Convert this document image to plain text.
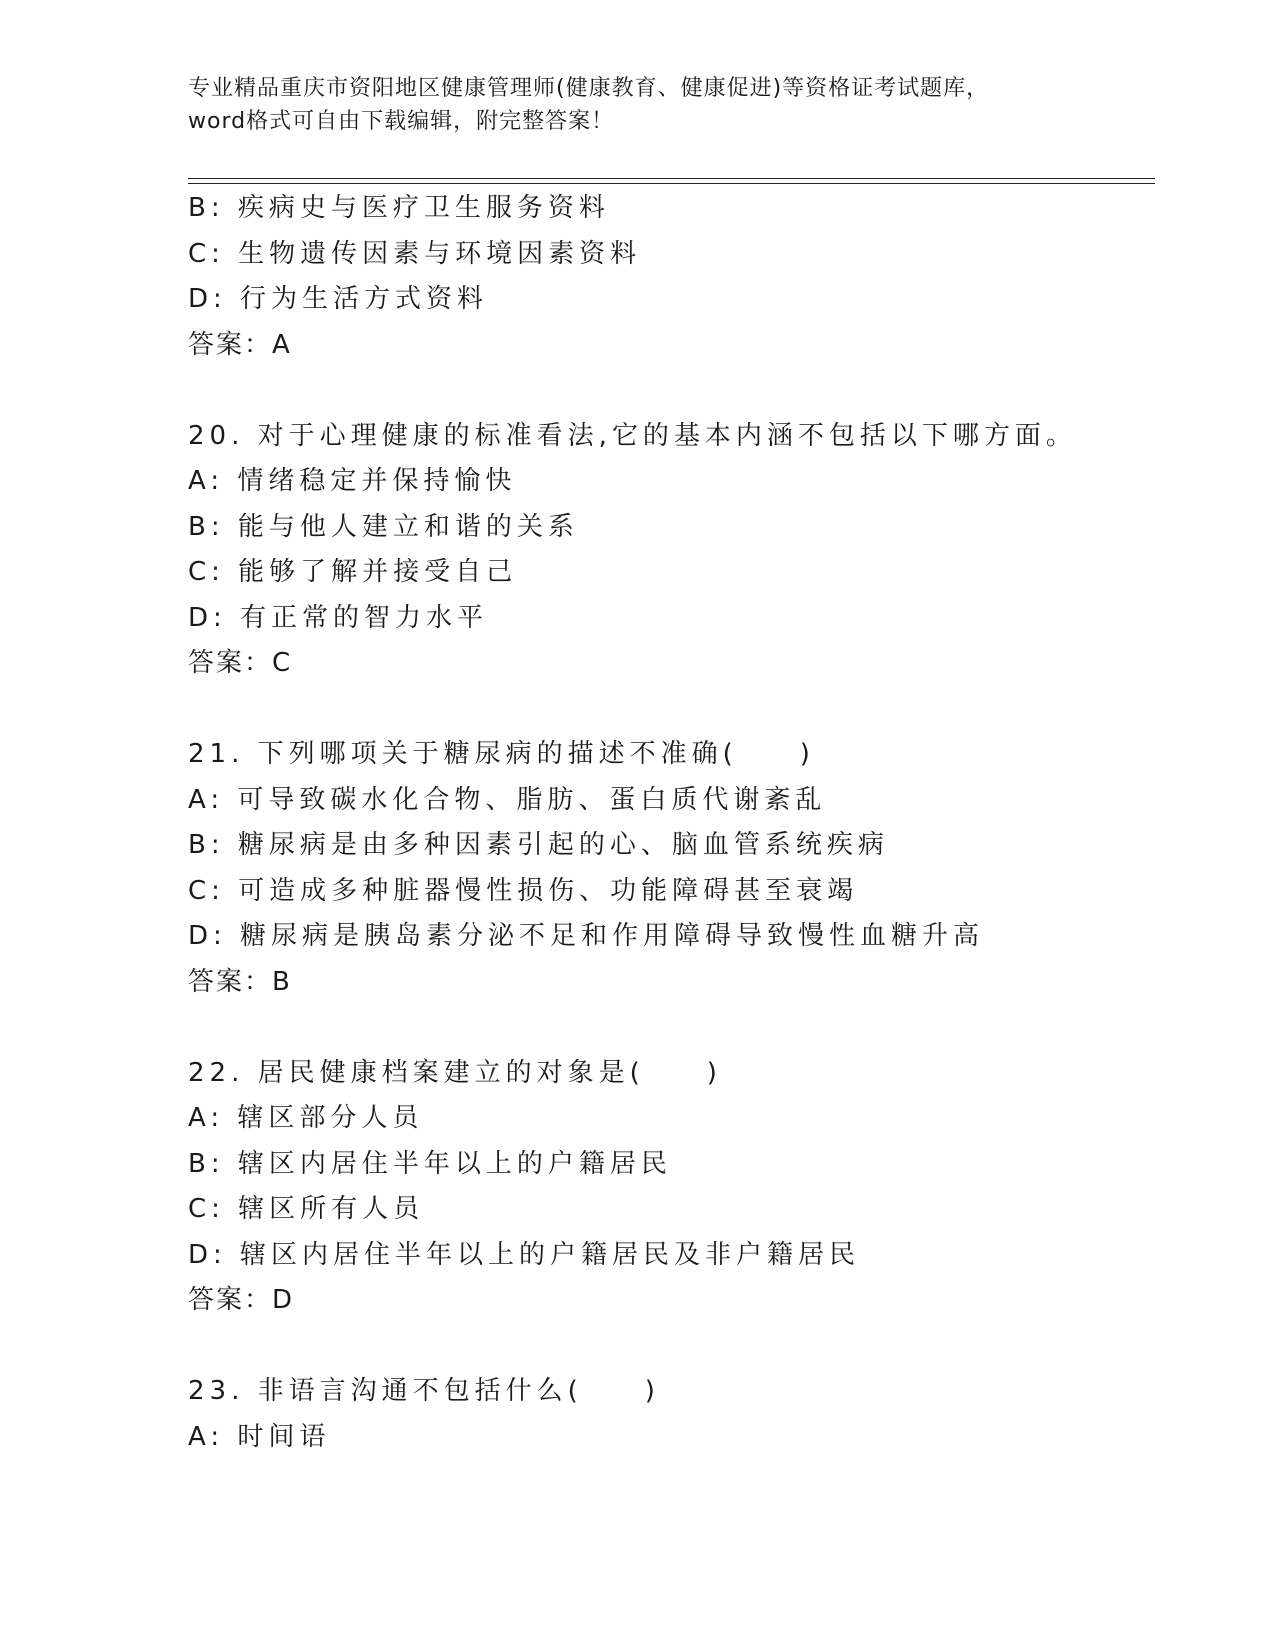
专业精品重庆市资阳地区健康管理师(健康教育、健康促进)等资格证考试题库，
word格式可自由下载编辑，附完整答案！
B: 疾病史与医疗卫生服务资料
C: 生物遗传因素与环境因素资料
D: 行为生活方式资料
答案：A
20. 对于心理健康的标准看法,它的基本内涵不包括以下哪方面。
A: 情绪稳定并保持愉快
B: 能与他人建立和谐的关系
C: 能够了解并接受自己
D: 有正常的智力水平
答案：C
21. 下列哪项关于糖尿病的描述不准确(　　)
A: 可导致碳水化合物、脂肪、蛋白质代谢紊乱
B: 糖尿病是由多种因素引起的心、脑血管系统疾病
C: 可造成多种脏器慢性损伤、功能障碍甚至衰竭
D: 糖尿病是胰岛素分泌不足和作用障碍导致慢性血糖升高
答案：B
22. 居民健康档案建立的对象是(　　)
A: 辖区部分人员
B: 辖区内居住半年以上的户籍居民
C: 辖区所有人员
D: 辖区内居住半年以上的户籍居民及非户籍居民
答案：D
23. 非语言沟通不包括什么(　　)
A: 时间语
